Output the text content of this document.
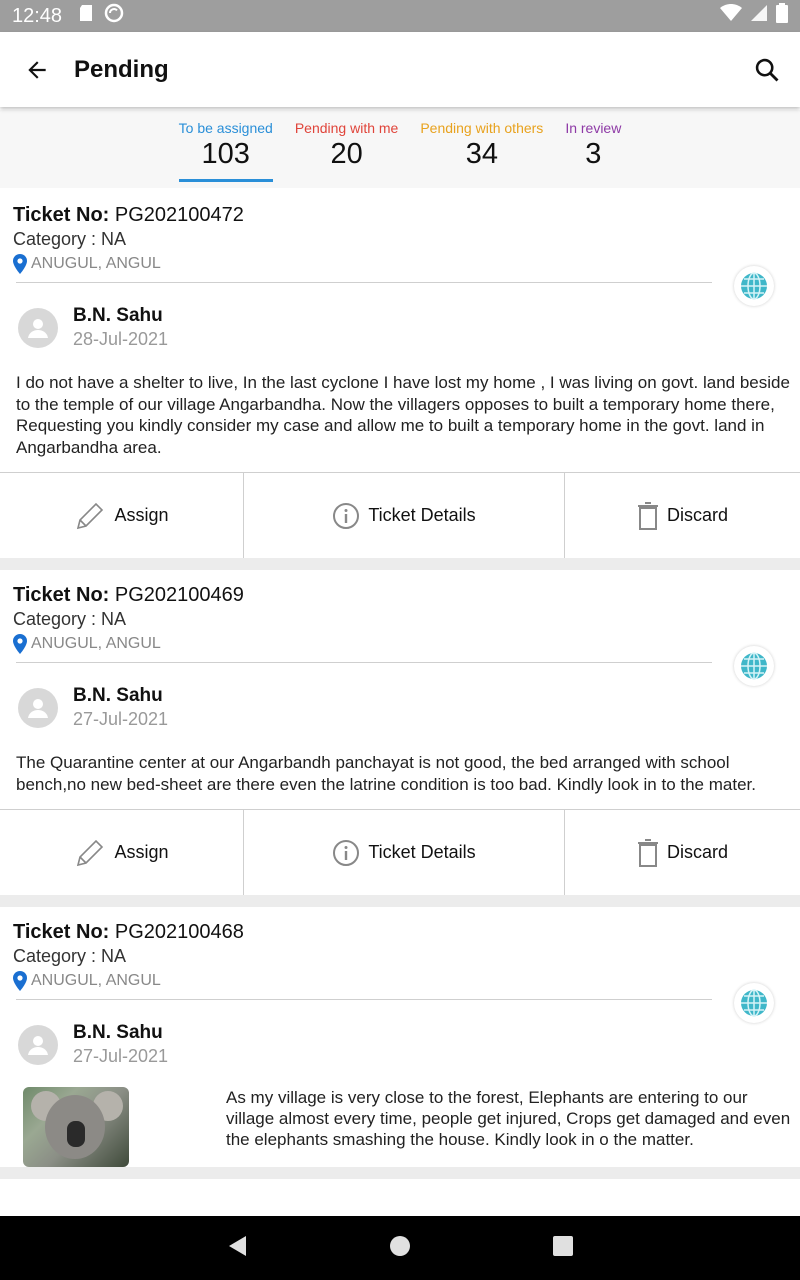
12:48
Pending
To be assigned
103
Pending with me
20
Pending with others
34
In review
3
Ticket No: PG202100472
Category : NA
ANUGUL, ANGUL
B.N. Sahu
28-Jul-2021
I do not have a shelter to live, In the last cyclone I have lost my home , I was living on govt. land beside to the temple of our village Angarbandha. Now the villagers opposes to built a temporary home there, Requesting you kindly consider my case and allow me to built a temporary home in the govt. land in Angarbandha area.
Assign	Ticket Details	Discard
Ticket No: PG202100469
Category : NA
ANUGUL, ANGUL
B.N. Sahu
27-Jul-2021
The Quarantine center at our Angarbandh panchayat is not good, the bed arranged with school bench,no new bed-sheet are there even the latrine condition is too bad. Kindly look in to the mater.
Assign	Ticket Details	Discard
Ticket No: PG202100468
Category : NA
ANUGUL, ANGUL
B.N. Sahu
27-Jul-2021
As my village is very close to the forest, Elephants are entering to our village almost every time, people get injured, Crops get damaged and even the elephants smashing the house. Kindly look in o the matter.
